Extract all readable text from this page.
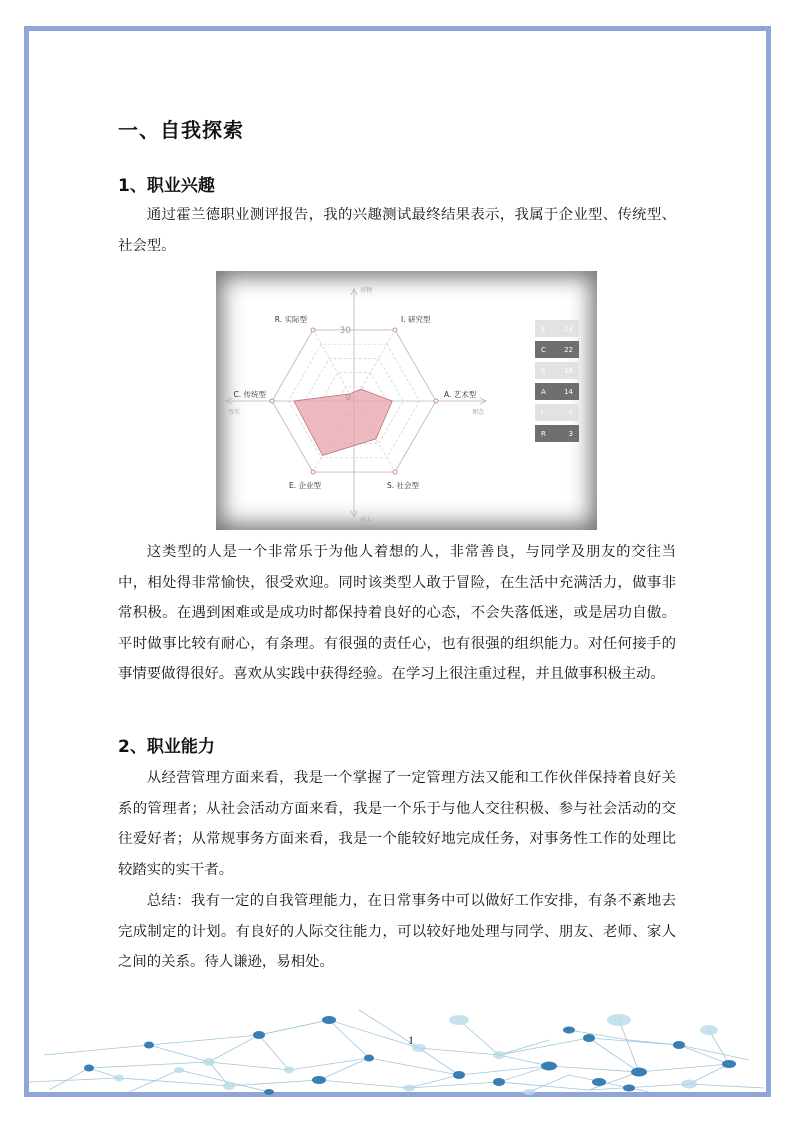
一、自我探索
1、职业兴趣

通过霍兰德职业测评报告，我的兴趣测试最终结果表示，我属于企业型、传统型、社会型。

这类型的人是一个非常乐于为他人着想的人，非常善良，与同学及朋友的交往当中，相处得非常愉快，很受欢迎。同时该类型人敢于冒险，在生活中充满活力，做事非常积极。在遇到困难或是成功时都保持着良好的心态，不会失落低迷，或是居功自傲。平时做事比较有耐心，有条理。有很强的责任心，也有很强的组织能力。对任何接手的事情要做得很好。喜欢从实践中获得经验。在学习上很注重过程，并且做事积极主动。

2、职业能力

从经营管理方面来看，我是一个掌握了一定管理方法又能和工作伙伴保持着良好关系的管理者；从社会活动方面来看，我是一个乐于与他人交往积极、参与社会活动的交往爱好者；从常规事务方面来看，我是一个能较好地完成任务，对事务性工作的处理比较踏实的实干者。

总结：我有一定的自我管理能力，在日常事务中可以做好工作安排，有条不紊地去完成制定的计划。有良好的人际交往能力，可以较好地处理与同学、朋友、老师、家人之间的关系。待人谦逊，易相处。

I. 研究型
A. 艺术型
S. 社会型
E. 企业型
C. 传统型
R. 实际型
30
0
对物
对人
务实	理念
E	23
C	22
S	16
A	14
I	5
R	3
1
